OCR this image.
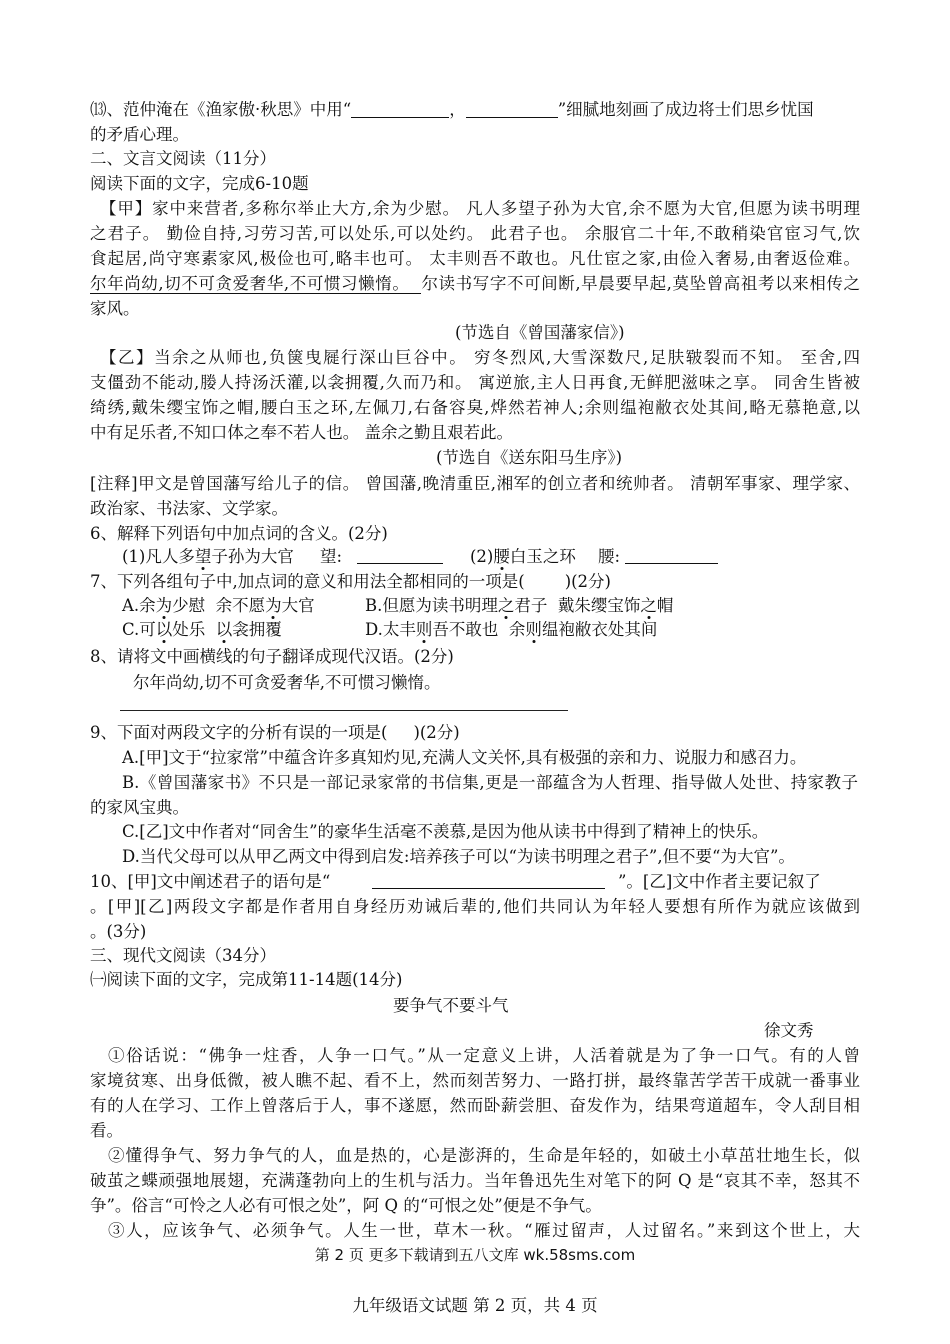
⒀、范仲淹在《渔家傲·秋思》中用“	，	”细腻地刻画了成边将士们思乡忧国
的矛盾心理。
二、文言文阅读（11分）
阅读下面的文字，完成6-10题
【甲】家中来营者,多称尔举止大方,余为少慰。 凡人多望子孙为大官,余不愿为大官,但愿为读书明理
之君子。 勤俭自持,习劳习苦,可以处乐,可以处约。 此君子也。 余服官二十年,不敢稍染官宦习气,饮
食起居,尚守寒素家风,极俭也可,略丰也可。 太丰则吾不敢也。凡仕宦之家,由俭入奢易,由奢返俭难。
尔年尚幼,切不可贪爱奢华,不可惯习懒惰。 尔读书写字不可间断,早晨要早起,莫坠曾高祖考以来相传之
家风。
(节选自《曾国藩家信》)
【乙】当余之从师也,负箧曳屣行深山巨谷中。 穷冬烈风,大雪深数尺,足肤皲裂而不知。 至舍,四
支僵劲不能动,媵人持汤沃灌,以衾拥覆,久而乃和。 寓逆旅,主人日再食,无鲜肥滋味之享。 同舍生皆被
绮绣,戴朱缨宝饰之帽,腰白玉之环,左佩刀,右备容臭,烨然若神人;余则缊袍敝衣处其间,略无慕艳意,以
中有足乐者,不知口体之奉不若人也。 盖余之勤且艰若此。
(节选自《送东阳马生序》)
[注释]甲文是曾国藩写给儿子的信。 曾国藩,晚清重臣,湘军的创立者和统帅者。 清朝军事家、理学家、
政治家、书法家、文学家。
6、解释下列语句中加点词的含义。(2分)
(1)凡人多望子孙为大官 望:	(2)腰白玉之环 腰:
7、下列各组句子中,加点词的意义和用法全都相同的一项是( )(2分)
A.余为少慰  余不愿为大官	B.但愿为读书明理之君子  戴朱缨宝饰之帽
C.可以处乐  以衾拥覆	D.太丰则吾不敢也  余则缊袍敝衣处其间
8、请将文中画横线的句子翻译成现代汉语。(2分)
尔年尚幼,切不可贪爱奢华,不可惯习懒惰。
9、下面对两段文字的分析有误的一项是( )(2分)
A.[甲]文于“拉家常”中蕴含许多真知灼见,充满人文关怀,具有极强的亲和力、说服力和感召力。
B.《曾国藩家书》不只是一部记录家常的书信集,更是一部蕴含为人哲理、指导做人处世、持家教子
的家风宝典。
C.[乙]文中作者对“同舍生”的豪华生活毫不羡慕,是因为他从读书中得到了精神上的快乐。
D.当代父母可以从甲乙两文中得到启发:培养孩子可以“为读书明理之君子”,但不要“为大官”。
10、[甲]文中阐述君子的语句是“	”。[乙]文中作者主要记叙了
。[甲][乙]两段文字都是作者用自身经历劝诫后辈的,他们共同认为年轻人要想有所作为就应该做到
。(3分)
三、现代文阅读（34分）
㈠阅读下面的文字，完成第11-14题(14分)
要争气不要斗气
徐文秀
①俗话说：“佛争一炷香，人争一口气。”从一定意义上讲，人活着就是为了争一口气。有的人曾
家境贫寒、出身低微，被人瞧不起、看不上，然而刻苦努力、一路打拼，最终靠苦学苦干成就一番事业
有的人在学习、工作上曾落后于人，事不遂愿，然而卧薪尝胆、奋发作为，结果弯道超车，令人刮目相
看。
②懂得争气、努力争气的人，血是热的，心是澎湃的，生命是年轻的，如破土小草茁壮地生长，似
破茧之蝶顽强地展翅，充满蓬勃向上的生机与活力。当年鲁迅先生对笔下的阿 Q 是“哀其不幸，怒其不
争”。俗言“可怜之人必有可恨之处”，阿 Q 的“可恨之处”便是不争气。
③人，应该争气、必须争气。人生一世，草木一秋。“雁过留声，人过留名。”来到这个世上，大
第 2 页 更多下载请到五八文库 wk.58sms.com
九年级语文试题 第 2 页，共 4 页
